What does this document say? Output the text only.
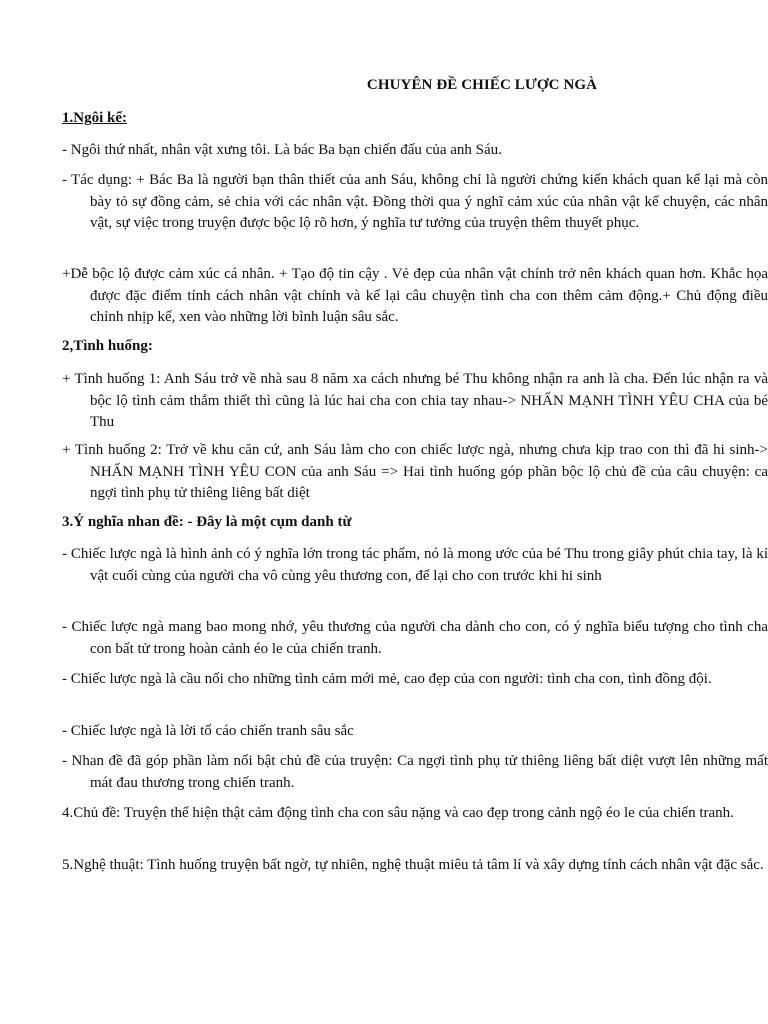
CHUYÊN ĐỀ CHIẾC LƯỢC NGÀ
1.Ngôi kể:
- Ngôi thứ nhất, nhân vật xưng tôi. Là bác Ba bạn chiến đấu của anh Sáu.
- Tác dụng: + Bác Ba là người bạn thân thiết của anh Sáu, không chỉ là người chứng kiến khách quan kể lại mà còn bày tỏ sự đồng cảm, sẻ chia với các nhân vật. Đồng thời qua ý nghĩ cảm xúc của nhân vật kể chuyện, các nhân vật, sự việc trong truyện được bộc lộ rõ hơn, ý nghĩa tư tưởng của truyện thêm thuyết phục.
+Dễ bộc lộ được cảm xúc cá nhân. + Tạo độ tin cậy . Vẻ đẹp của nhân vật chính trở nên khách quan hơn. Khắc họa được đặc điểm tính cách nhân vật chính và kể lại câu chuyện tình cha con thêm cảm động.+ Chủ động điều chỉnh nhịp kể, xen vào những lời bình luận sâu sắc.
2,Tình huống:
+ Tình huống 1: Anh Sáu trở về nhà sau 8 năm xa cách nhưng bé Thu không nhận ra anh là cha. Đến lúc nhận ra và bộc lộ tình cảm thắm thiết thì cũng là lúc hai cha con chia tay nhau-> NHẤN MẠNH TÌNH YÊU CHA của bé Thu
+ Tình huống 2: Trở về khu căn cứ, anh Sáu làm cho con chiếc lược ngà, nhưng chưa kịp trao con thì đã hi sinh-> NHẤN MẠNH TÌNH YÊU CON của anh Sáu => Hai tình huống góp phần bộc lộ chủ đề của câu chuyện: ca ngợi tình phụ tử thiêng liêng bất diệt
3.Ý nghĩa nhan đề: - Đây là một cụm danh từ
- Chiếc lược ngà là hình ảnh có ý nghĩa lớn trong tác phẩm, nó là mong ước của bé Thu trong giây phút chia tay, là kỉ vật cuối cùng của người cha vô cùng yêu thương con, để lại cho con trước khi hi sinh
- Chiếc lược ngà mang bao mong nhớ, yêu thương của người cha dành cho con, có ý nghĩa biểu tượng cho tình cha con bất tử trong hoàn cảnh éo le của chiến tranh.
- Chiếc lược ngà là cầu nối cho những tình cảm mới mẻ, cao đẹp của con người: tình cha con, tình đồng đội.
- Chiếc lược ngà là lời tố cáo chiến tranh sâu sắc
- Nhan đề đã góp phần làm nổi bật chủ đề của truyện: Ca ngợi tình phụ tử thiêng liêng bất diệt vượt lên những mất mát đau thương trong chiến tranh.
4.Chủ đề: Truyện thể hiện thật cảm động tình cha con sâu nặng và cao đẹp trong cảnh ngộ éo le của chiến tranh.
5.Nghệ thuật: Tình huống truyện bất ngờ, tự nhiên, nghệ thuật miêu tả tâm lí và xây dựng tính cách nhân vật đặc sắc.
